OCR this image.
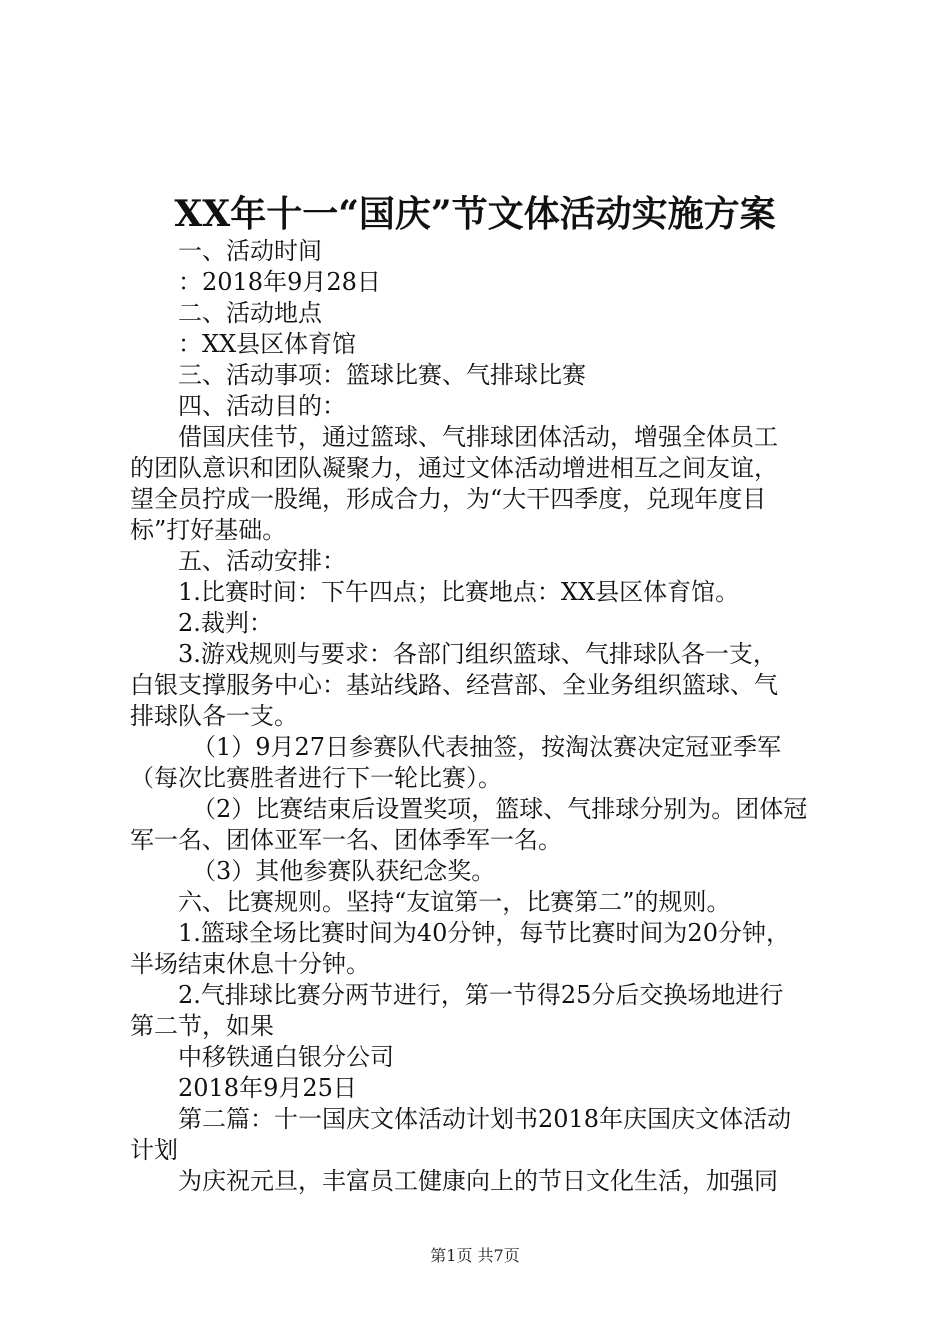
XX年十一“国庆”节文体活动实施方案
一、活动时间
：2018年9月28日
二、活动地点
：XX县区体育馆
三、活动事项：篮球比赛、气排球比赛
四、活动目的：
借国庆佳节，通过篮球、气排球团体活动，增强全体员工
的团队意识和团队凝聚力，通过文体活动增进相互之间友谊，
望全员拧成一股绳，形成合力，为“大干四季度，兑现年度目
标”打好基础。
五、活动安排：
1.比赛时间：下午四点；比赛地点：XX县区体育馆。
2.裁判：
3.游戏规则与要求：各部门组织篮球、气排球队各一支，
白银支撑服务中心：基站线路、经营部、全业务组织篮球、气
排球队各一支。
（1）9月27日参赛队代表抽签，按淘汰赛决定冠亚季军
（每次比赛胜者进行下一轮比赛）。
（2）比赛结束后设置奖项，篮球、气排球分别为。团体冠
军一名、团体亚军一名、团体季军一名。
（3）其他参赛队获纪念奖。
六、比赛规则。坚持“友谊第一，比赛第二”的规则。
1.篮球全场比赛时间为40分钟，每节比赛时间为20分钟，
半场结束休息十分钟。
2.气排球比赛分两节进行，第一节得25分后交换场地进行
第二节，如果
中移铁通白银分公司
2018年9月25日
第二篇：十一国庆文体活动计划书2018年庆国庆文体活动
计划
为庆祝元旦，丰富员工健康向上的节日文化生活，加强同
第1页 共7页
